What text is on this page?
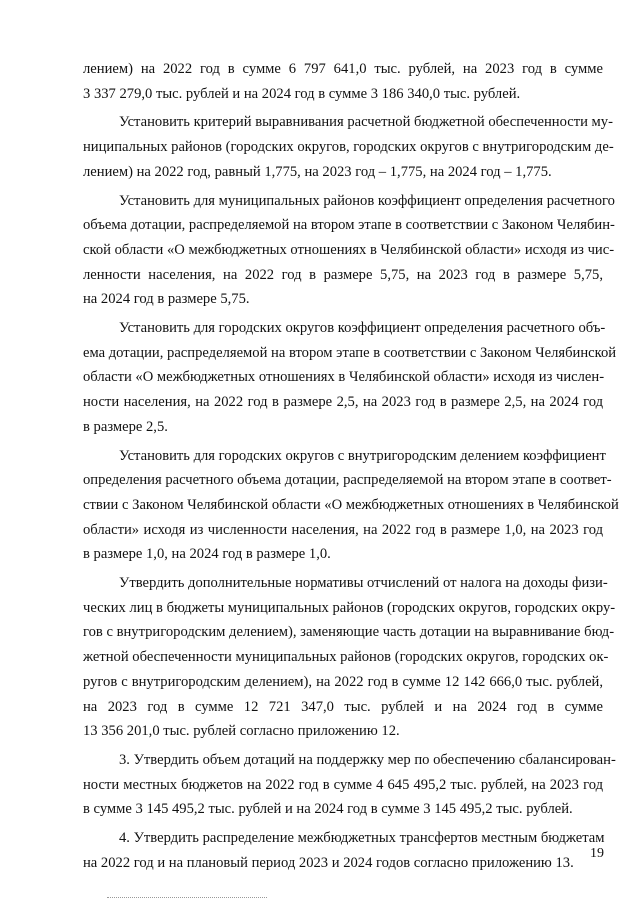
лением) на 2022 год в сумме 6 797 641,0 тыс. рублей, на 2023 год в сумме
3 337 279,0 тыс. рублей и на 2024 год в сумме 3 186 340,0 тыс. рублей.
Установить критерий выравнивания расчетной бюджетной обеспеченности му-
ниципальных районов (городских округов, городских округов с внутригородским де-
лением) на 2022 год, равный 1,775, на 2023 год – 1,775, на 2024 год – 1,775.
Установить для муниципальных районов коэффициент определения расчетного
объема дотации, распределяемой на втором этапе в соответствии с Законом Челябин-
ской области «О межбюджетных отношениях в Челябинской области» исходя из чис-
ленности населения, на 2022 год в размере 5,75, на 2023 год в размере 5,75,
на 2024 год в размере 5,75.
Установить для городских округов коэффициент определения расчетного объ-
ема дотации, распределяемой на втором этапе в соответствии с Законом Челябинской
области «О межбюджетных отношениях в Челябинской области» исходя из числен-
ности населения, на 2022 год в размере 2,5, на 2023 год в размере 2,5, на 2024 год
в размере 2,5.
Установить для городских округов с внутригородским делением коэффициент
определения расчетного объема дотации, распределяемой на втором этапе в соответ-
ствии с Законом Челябинской области «О межбюджетных отношениях в Челябинской
области» исходя из численности населения, на 2022 год в размере 1,0, на 2023 год
в размере 1,0, на 2024 год в размере 1,0.
Утвердить дополнительные нормативы отчислений от налога на доходы физи-
ческих лиц в бюджеты муниципальных районов (городских округов, городских окру-
гов с внутригородским делением), заменяющие часть дотации на выравнивание бюд-
жетной обеспеченности муниципальных районов (городских округов, городских ок-
ругов с внутригородским делением), на 2022 год в сумме 12 142 666,0 тыс. рублей,
на 2023 год в сумме 12 721 347,0 тыс. рублей и на 2024 год в сумме
13 356 201,0 тыс. рублей согласно приложению 12.
3. Утвердить объем дотаций на поддержку мер по обеспечению сбалансирован-
ности местных бюджетов на 2022 год в сумме 4 645 495,2 тыс. рублей, на 2023 год
в сумме 3 145 495,2 тыс. рублей и на 2024 год в сумме 3 145 495,2 тыс. рублей.
4. Утвердить распределение межбюджетных трансфертов местным бюджетам
на 2022 год и на плановый период 2023 и 2024 годов согласно приложению 13.
19
